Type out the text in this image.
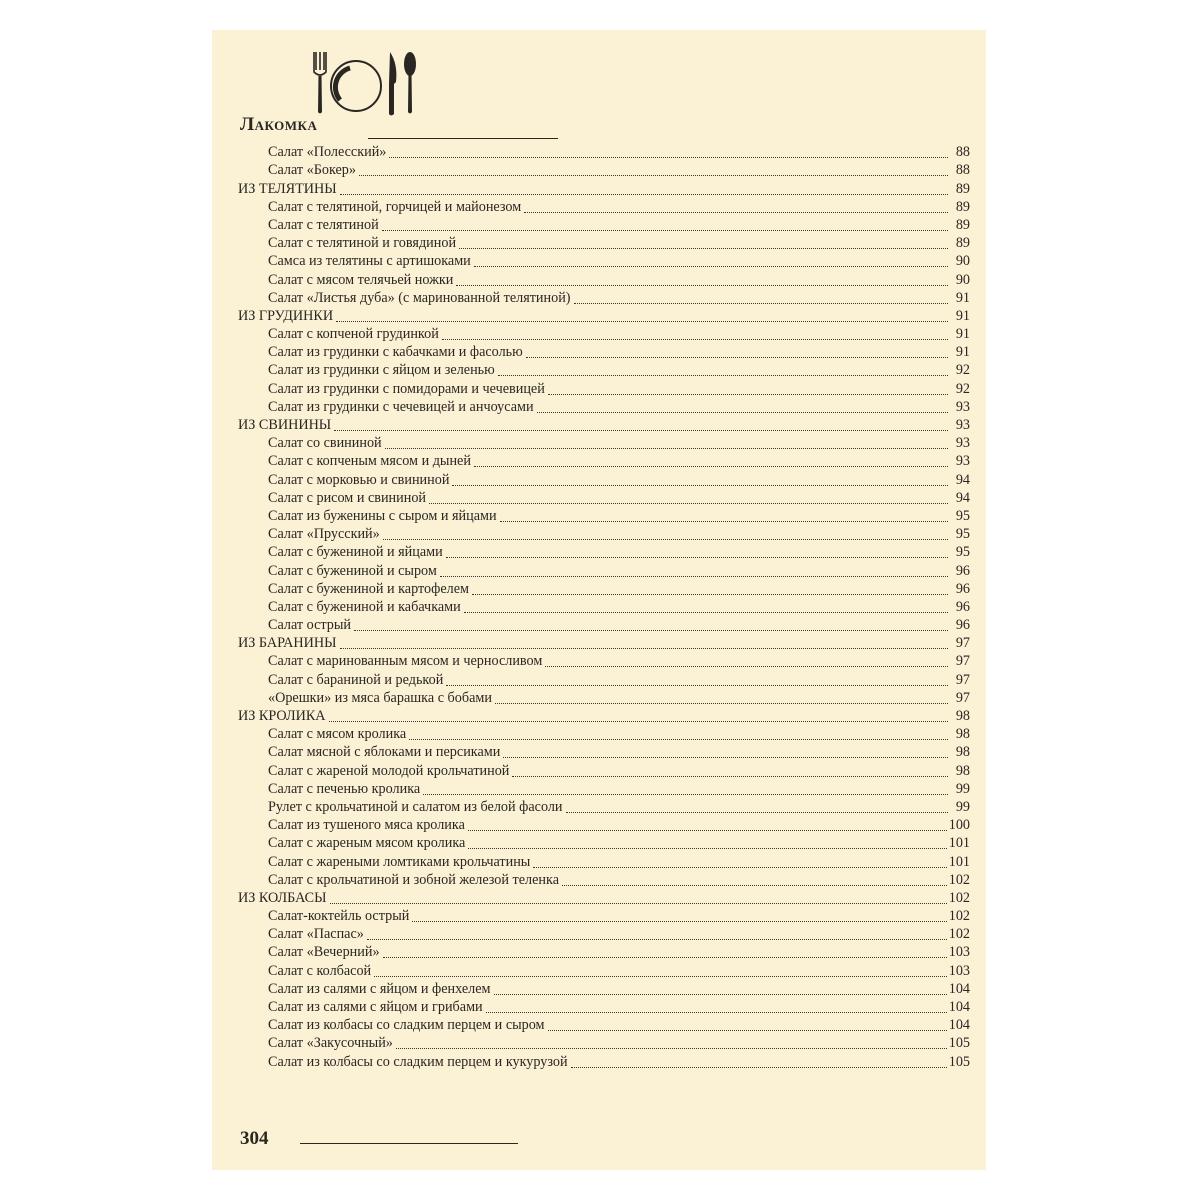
Лакомка
Салат «Полесский»	88
Салат «Бокер»	88
ИЗ ТЕЛЯТИНЫ	89
Салат с телятиной, горчицей и майонезом	89
Салат с телятиной	89
Салат с телятиной и говядиной	89
Самса из телятины с артишоками	90
Салат с мясом телячьей ножки	90
Салат «Листья дуба» (с маринованной телятиной)	91
ИЗ ГРУДИНКИ	91
Салат с копченой грудинкой	91
Салат из грудинки с кабачками и фасолью	91
Салат из грудинки с яйцом и зеленью	92
Салат из грудинки с помидорами и чечевицей	92
Салат из грудинки с чечевицей и анчоусами	93
ИЗ СВИНИНЫ	93
Салат со свининой	93
Салат с копченым мясом и дыней	93
Салат с морковью и свининой	94
Салат с рисом и свининой	94
Салат из буженины с сыром и яйцами	95
Салат «Прусский»	95
Салат с бужениной и яйцами	95
Салат с бужениной и сыром	96
Салат с бужениной и картофелем	96
Салат с бужениной и кабачками	96
Салат острый	96
ИЗ БАРАНИНЫ	97
Салат с маринованным мясом и черносливом	97
Салат с бараниной и редькой	97
«Орешки» из мяса барашка с бобами	97
ИЗ КРОЛИКА	98
Салат с мясом кролика	98
Салат мясной с яблоками и персиками	98
Салат с жареной молодой крольчатиной	98
Салат с печенью кролика	99
Рулет с крольчатиной и салатом из белой фасоли	99
Салат из тушеного мяса кролика	100
Салат с жареным мясом кролика	101
Салат с жареными ломтиками крольчатины	101
Салат с крольчатиной и зобной железой теленка	102
ИЗ КОЛБАСЫ	102
Салат-коктейль острый	102
Салат «Паспас»	102
Салат «Вечерний»	103
Салат с колбасой	103
Салат из салями с яйцом и фенхелем	104
Салат из салями с яйцом и грибами	104
Салат из колбасы со сладким перцем и сыром	104
Салат «Закусочный»	105
Салат из колбасы со сладким перцем и кукурузой	105
304
